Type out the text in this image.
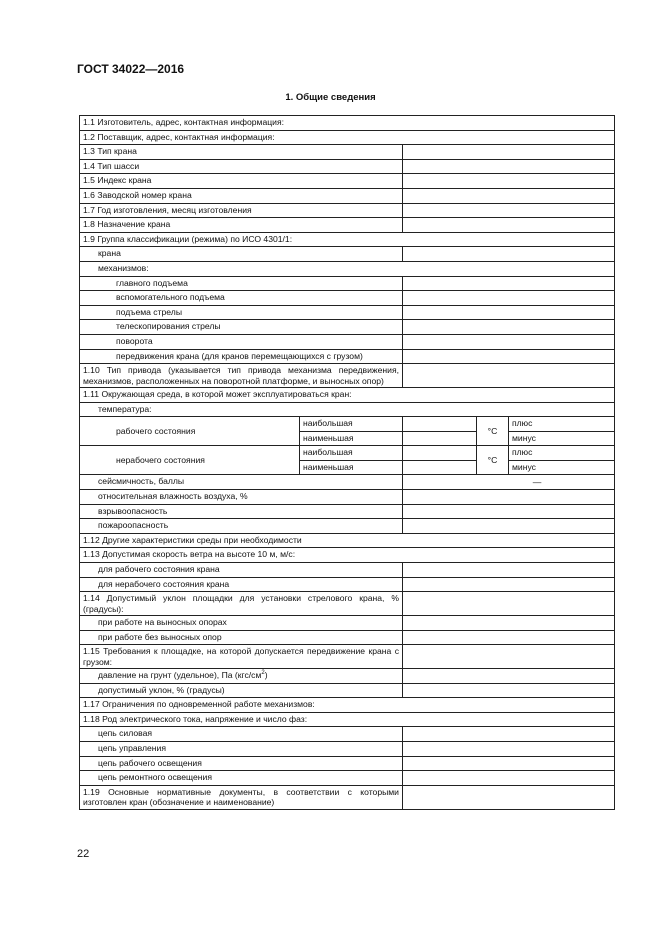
ГОСТ 34022—2016
1. Общие сведения
1.1 Изготовитель, адрес, контактная информация:				
1.2 Поставщик, адрес, контактная информация:				
1.3 Тип крана				
1.4 Тип шасси				
1.5 Индекс крана				
1.6 Заводской номер крана				
1.7 Год изготовления, месяц изготовления				
1.8 Назначение крана				
1.9 Группа классификации (режима) по ИСО 4301/1:				
крана				
механизмов:				
главного подъема				
вспомогательного подъема				
подъема стрелы				
телескопирования стрелы				
поворота				
передвижения крана (для кранов перемещающихся с грузом)				
1.10 Тип привода (указывается тип привода механизма передвижения, механизмов, расположенных на поворотной платформе, и выносных опор)				
1.11 Окружающая среда, в которой может эксплуатироваться кран:				
температура:				
рабочего состояния	наибольшая		°С	плюс
	наименьшая			минус
нерабочего состояния	наибольшая		°С	плюс
	наименьшая			минус
сейсмичность, баллы		—		
относительная влажность воздуха, %				
взрывоопасность				
пожароопасность				
1.12 Другие характеристики среды при необходимости				
1.13 Допустимая скорость ветра на высоте 10 м, м/с:				
для рабочего состояния крана				
для нерабочего состояния крана				
1.14 Допустимый уклон площадки для установки стрелового крана, % (градусы):				
при работе на выносных опорах				
при работе без выносных опор				
1.15 Требования к площадке, на которой допускается передвижение крана с грузом:				
давление на грунт (удельное), Па $(кгс/см^2)$				
допустимый уклон, % (градусы)				
1.17 Ограничения по одновременной работе механизмов:				
1.18 Род электрического тока, напряжение и число фаз:				
цепь силовая				
цепь управления				
цепь рабочего освещения				
цепь ремонтного освещения				
1.19 Основные нормативные документы, в соответствии с которыми изготовлен кран (обозначение и наименование)				
22
